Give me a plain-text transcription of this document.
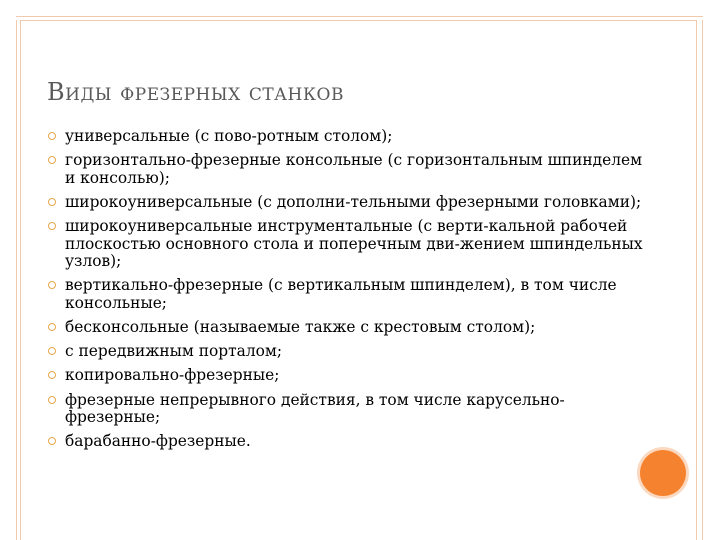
Виды фрезерных станков
универсальные (с пово-ротным столом);
горизонтально-фрезерные консольные (с горизонтальным шпинделем и консолью);
широкоуниверсальные (с дополни-тельными фрезерными головками);
широкоуниверсальные инструментальные (с верти-кальной рабочей плоскостью основного стола и поперечным дви-жением шпиндельных узлов);
вертикально-фрезерные (с вертикальным шпинделем), в том числе консольные;
бесконсольные (называемые также с крестовым столом);
с передвижным порталом;
копировально-фрезерные;
фрезерные непрерывного действия, в том числе карусельно-фрезерные;
барабанно-фрезерные.
